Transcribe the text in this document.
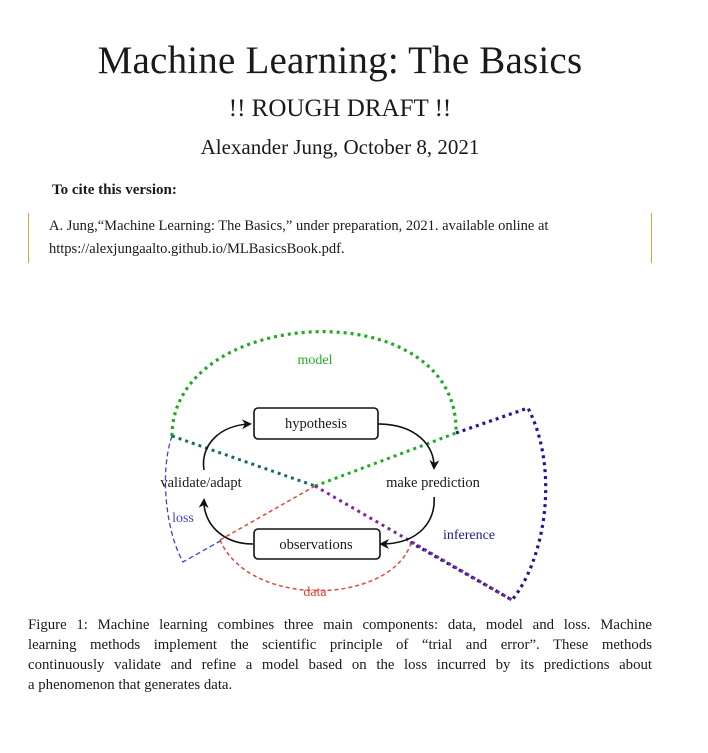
Machine Learning: The Basics
!! ROUGH DRAFT !!
Alexander Jung, October 8, 2021
To cite this version:
A. Jung,“Machine Learning: The Basics,” under preparation, 2021. available online at
https://alexjungaalto.github.io/MLBasicsBook.pdf.
model
hypothesis
validate/adapt	make prediction
loss
inference
observations
data
Figure 1: Machine learning combines three main components: data, model and loss. Machine
learning methods implement the scientific principle of “trial and error”. These methods
continuously validate and refine a model based on the loss incurred by its predictions about
a phenomenon that generates data.
